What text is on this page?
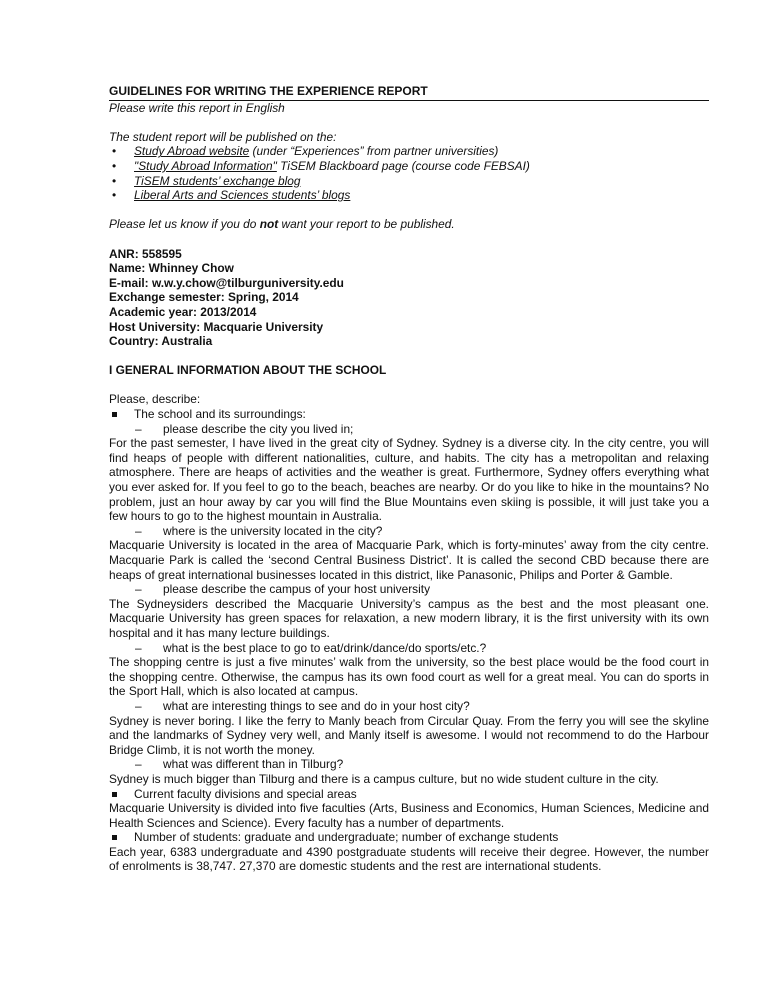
GUIDELINES FOR WRITING THE EXPERIENCE REPORT

Please write this report in English

The student report will be published on the:

• Study Abroad website (under “Experiences” from partner universities)
• "Study Abroad Information" TiSEM Blackboard page (course code FEBSAI)
• TiSEM students’ exchange blog
• Liberal Arts and Sciences students’ blogs

Please let us know if you do not want your report to be published.

ANR: 558595

Name: Whinney Chow

E-mail: w.w.y.chow@tilburguniversity.edu

Exchange semester: Spring, 2014

Academic year: 2013/2014

Host University: Macquarie University

Country: Australia

I GENERAL INFORMATION ABOUT THE SCHOOL

Please, describe:

The school and its surroundings:

– please describe the city you lived in;

For the past semester, I have lived in the great city of Sydney. Sydney is a diverse city. In the city centre, you will find heaps of people with different nationalities, culture, and habits. The city has a metropolitan and relaxing atmosphere. There are heaps of activities and the weather is great. Furthermore, Sydney offers everything what you ever asked for. If you feel to go to the beach, beaches are nearby. Or do you like to hike in the mountains? No problem, just an hour away by car you will find the Blue Mountains even skiing is possible, it will just take you a few hours to go to the highest mountain in Australia.

– where is the university located in the city?

Macquarie University is located in the area of Macquarie Park, which is forty-minutes’ away from the city centre. Macquarie Park is called the ‘second Central Business District’. It is called the second CBD because there are heaps of great international businesses located in this district, like Panasonic, Philips and Porter & Gamble.

– please describe the campus of your host university

The Sydneysiders described the Macquarie University’s campus as the best and the most pleasant one. Macquarie University has green spaces for relaxation, a new modern library, it is the first university with its own hospital and it has many lecture buildings.

– what is the best place to go to eat/drink/dance/do sports/etc.?

The shopping centre is just a five minutes’ walk from the university, so the best place would be the food court in the shopping centre. Otherwise, the campus has its own food court as well for a great meal. You can do sports in the Sport Hall, which is also located at campus.

– what are interesting things to see and do in your host city?

Sydney is never boring. I like the ferry to Manly beach from Circular Quay. From the ferry you will see the skyline and the landmarks of Sydney very well, and Manly itself is awesome. I would not recommend to do the Harbour Bridge Climb, it is not worth the money.

– what was different than in Tilburg?

Sydney is much bigger than Tilburg and there is a campus culture, but no wide student culture in the city.

Current faculty divisions and special areas

Macquarie University is divided into five faculties (Arts, Business and Economics, Human Sciences, Medicine and Health Sciences and Science). Every faculty has a number of departments.

Number of students: graduate and undergraduate; number of exchange students

Each year, 6383 undergraduate and 4390 postgraduate students will receive their degree. However, the number of enrolments is 38,747. 27,370 are domestic students and the rest are international students.
